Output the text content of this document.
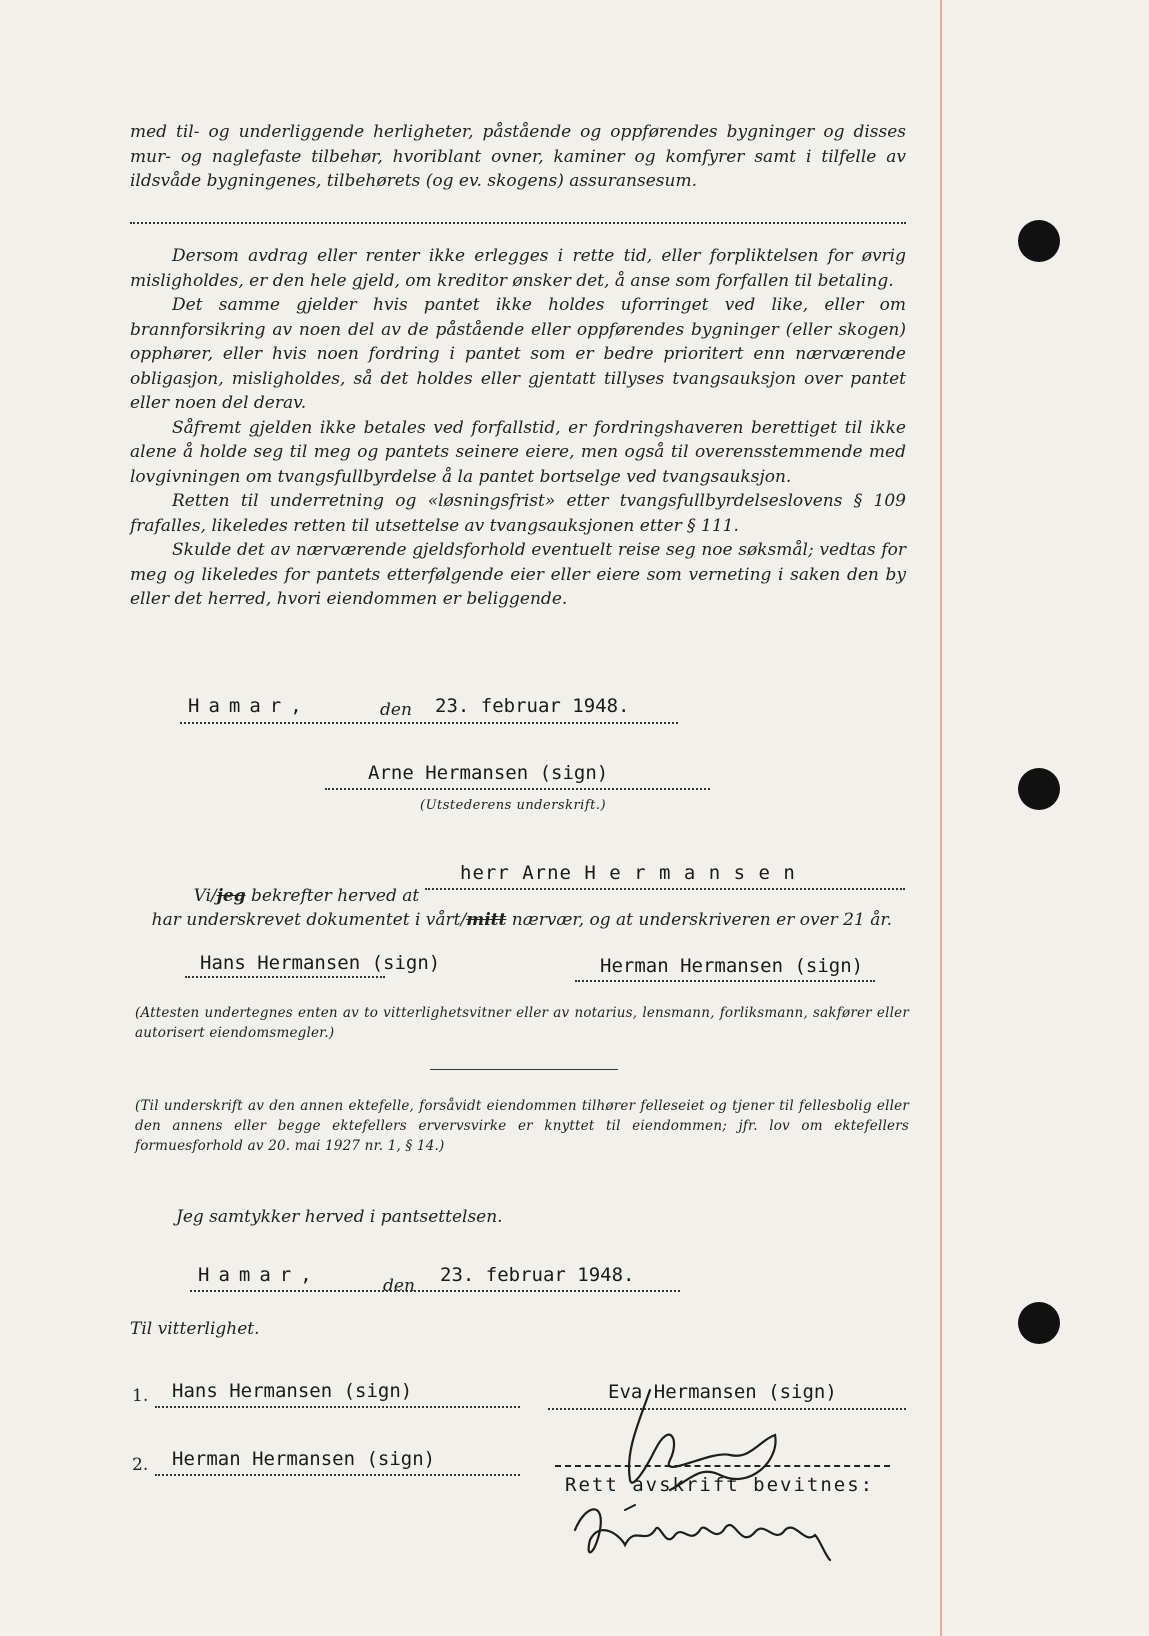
med til- og underliggende herligheter, påstående og oppførendes bygninger og disses mur- og naglefaste tilbehør, hvoriblant ovner, kaminer og komfyrer samt i tilfelle av ildsvåde bygningenes, tilbehørets (og ev. skogens) assuransesum.

Dersom avdrag eller renter ikke erlegges i rette tid, eller forpliktelsen for øvrig misligholdes, er den hele gjeld, om kreditor ønsker det, å anse som forfallen til betaling.

Det samme gjelder hvis pantet ikke holdes uforringet ved like, eller om brannforsikring av noen del av de påstående eller oppførendes bygninger (eller skogen) opphører, eller hvis noen fordring i pantet som er bedre prioritert enn nærværende obligasjon, misligholdes, så det holdes eller gjentatt tillyses tvangsauksjon over pantet eller noen del derav.

Såfremt gjelden ikke betales ved forfallstid, er fordringshaveren berettiget til ikke alene å holde seg til meg og pantets seinere eiere, men også til overensstemmende med lovgivningen om tvangsfullbyrdelse å la pantet bortselge ved tvangsauksjon.

Retten til underretning og «løsningsfrist» etter tvangsfullbyrdelseslovens § 109 frafalles, likeledes retten til utsettelse av tvangsauksjonen etter § 111.

Skulde det av nærværende gjeldsforhold eventuelt reise seg noe søksmål; vedtas for meg og likeledes for pantets etterfølgende eier eller eiere som verneting i saken den by eller det herred, hvori eiendommen er beliggende.

Hamar,	den 23. februar 1948.
Arne Hermansen (sign)
(Utstederens underskrift.)

Vi/jeg bekrefter herved at

herr Arne H e r m a n s e n

har underskrevet dokumentet i vårt/mitt nærvær, og at underskriveren er over 21 år.

Hans Hermansen (sign)	Herman Hermansen (sign)
(Attesten undertegnes enten av to vitterlighetsvitner eller av notarius, lensmann, forliksmann, sakfører eller autorisert eiendomsmegler.)
(Til underskrift av den annen ektefelle, forsåvidt eiendommen tilhører felleseiet og tjener til fellesbolig eller den annens eller begge ektefellers ervervsvirke er knyttet til eiendommen; jfr. lov om ektefellers formuesforhold av 20. mai 1927 nr. 1, § 14.)
Jeg samtykker herved i pantsettelsen.
Hamar,	den 23. februar 1948.
Til vitterlighet.
1. Hans Hermansen (sign)	Eva Hermansen (sign)
2. Herman Hermansen (sign)
Rett avskrift bevitnes:
